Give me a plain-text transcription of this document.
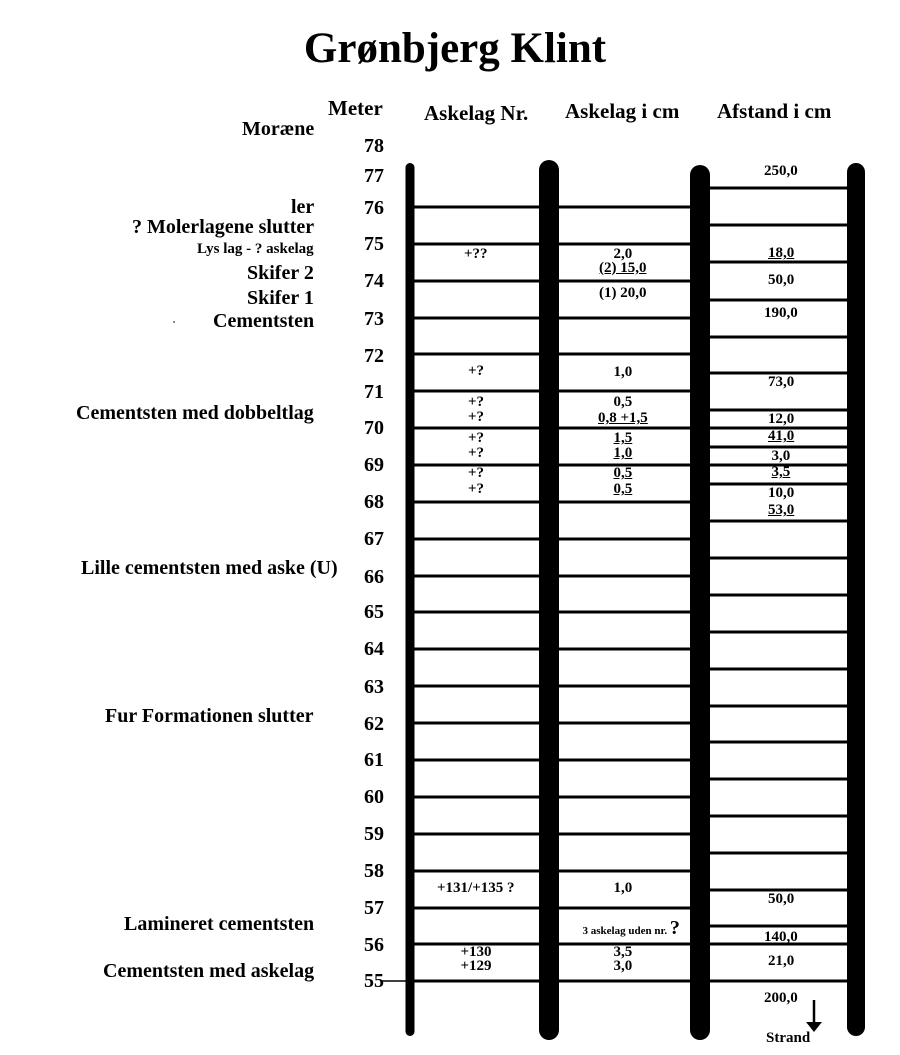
Grønbjerg Klint
Meter Askelag Nr. Askelag i cm Afstand i cm
78
77
76
75
74
73
72
71
70
69
68
67
66
65
64
63
62
61
60
59
58
57
56
55
Moræne
ler
? Molerlagene slutter
Lys lag - ? askelag
Skifer 2
Skifer 1
Cementsten
Cementsten med dobbeltlag
Lille cementsten med aske (U)
Fur Formationen slutter
Lamineret cementsten
Cementsten med askelag
+??
+?
+?
+?
+?
+?
+?
+?
+131/+135 ?
+130
+129
2,0
(2) 15,0
(1) 20,0
1,0
0,5
0,8 +1,5
1,5
1,0
0,5
0,5
1,0
3 askelag uden nr. ?
3,5
3,0
250,0
18,0
50,0
190,0
73,0
12,0
41,0
3,0
3,5
10,0
53,0
50,0
140,0
21,0
200,0
Strand
